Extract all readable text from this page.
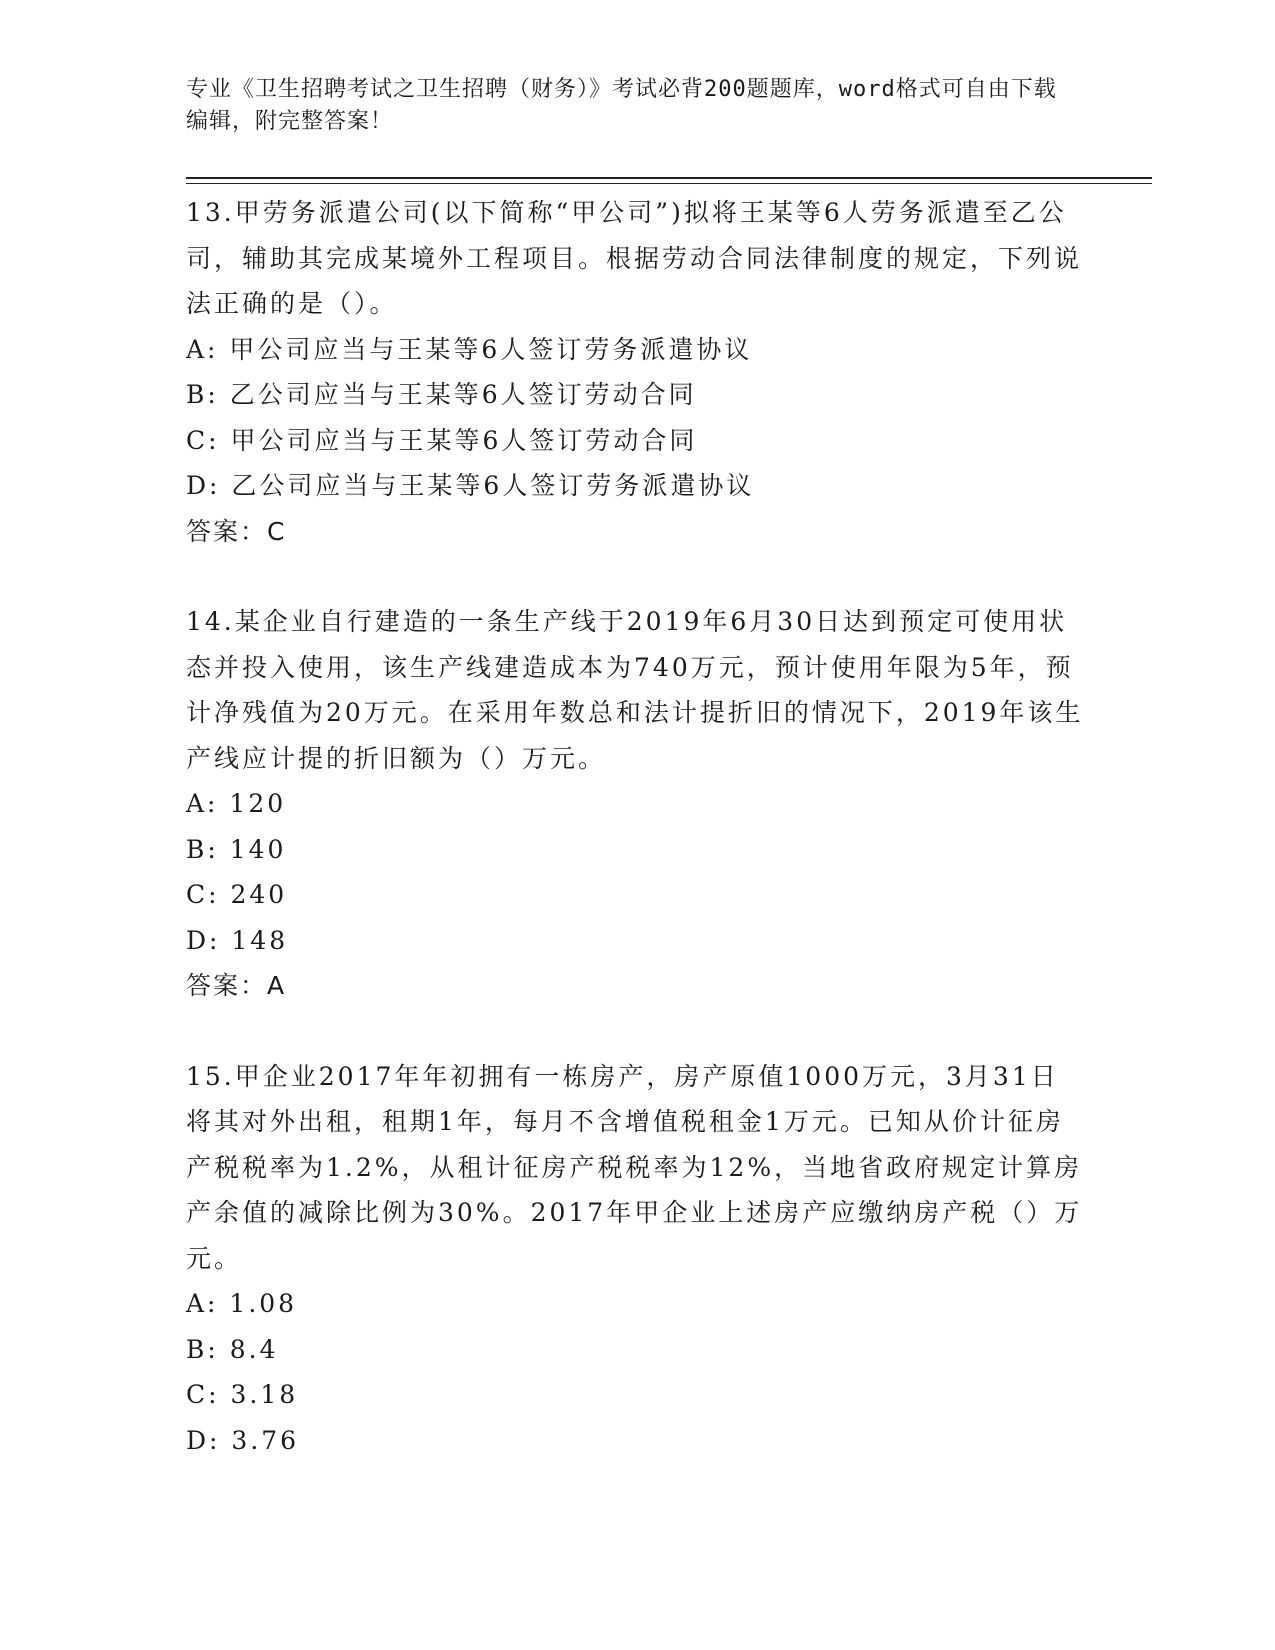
专业《卫生招聘考试之卫生招聘（财务）》考试必背200题题库，word格式可自由下载编辑，附完整答案！

13.甲劳务派遣公司(以下简称“甲公司”)拟将王某等6人劳务派遣至乙公司，辅助其完成某境外工程项目。根据劳动合同法律制度的规定，下列说法正确的是（）。

A: 甲公司应当与王某等6人签订劳务派遣协议

B: 乙公司应当与王某等6人签订劳动合同

C: 甲公司应当与王某等6人签订劳动合同

D: 乙公司应当与王某等6人签订劳务派遣协议

答案：C

14.某企业自行建造的一条生产线于2019年6月30日达到预定可使用状态并投入使用，该生产线建造成本为740万元，预计使用年限为5年，预计净残值为20万元。在采用年数总和法计提折旧的情况下，2019年该生产线应计提的折旧额为（）万元。

A: 120

B: 140

C: 240

D: 148

答案：A

15.甲企业2017年年初拥有一栋房产，房产原值1000万元，3月31日将其对外出租，租期1年，每月不含增值税租金1万元。已知从价计征房产税税率为1.2%，从租计征房产税税率为12%，当地省政府规定计算房产余值的减除比例为30%。2017年甲企业上述房产应缴纳房产税（）万元。

A: 1.08

B: 8.4

C: 3.18

D: 3.76
